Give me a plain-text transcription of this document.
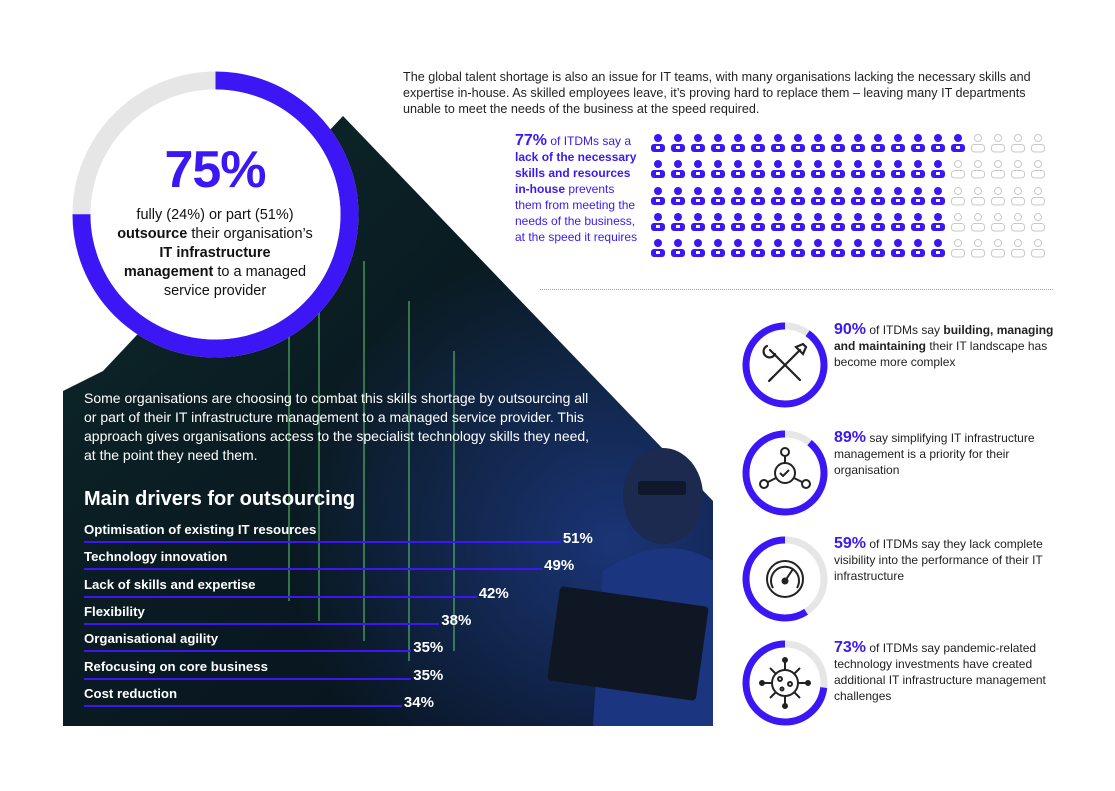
75%
fully (24%) or part (51%)
outsource their organisation’s
IT infrastructure management to a managed service provider
The global talent shortage is also an issue for IT teams, with many organisations lacking the necessary skills and expertise in-house. As skilled employees leave, it’s proving hard to replace them – leaving many IT departments unable to meet the needs of the business at the speed required.
77% of ITDMs say a lack of the necessary skills and resources in-house prevents them from meeting the needs of the business, at the speed it requires
Some organisations are choosing to combat this skills shortage by outsourcing all or part of their IT infrastructure management to a managed service provider. This approach gives organisations access to the specialist technology skills they need, at the point they need them.
Main drivers for outsourcing
Optimisation of existing IT resources
51%
Technology innovation
49%
Lack of skills and expertise
42%
Flexibility
38%
Organisational agility
35%
Refocusing on core business
35%
Cost reduction
34%
90% of ITDMs say building, managing and maintaining their IT landscape has become more complex
89% say simplifying IT infrastructure management is a priority for their organisation
59% of ITDMs say they lack complete visibility into the performance of their IT infrastructure
73% of ITDMs say pandemic-related technology investments have created additional IT infrastructure management challenges
